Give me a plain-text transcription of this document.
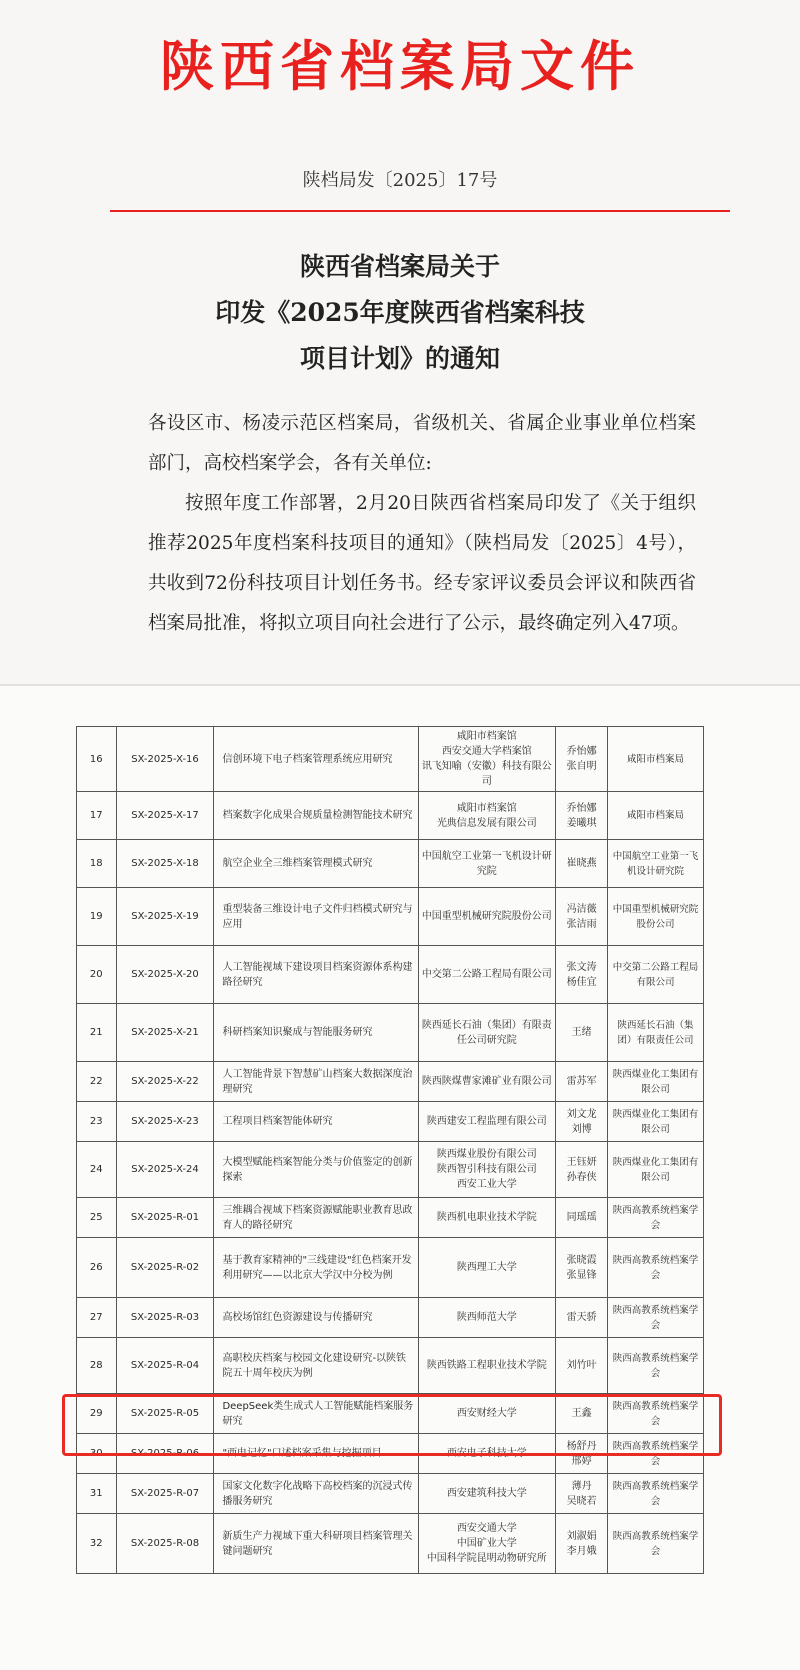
陕西省档案局文件
陕档局发〔2025〕17号
陕西省档案局关于
印发《2025年度陕西省档案科技
项目计划》的通知

各设区市、杨凌示范区档案局，省级机关、省属企业事业单位档案部门，高校档案学会，各有关单位:

按照年度工作部署，2月20日陕西省档案局印发了《关于组织推荐2025年度档案科技项目的通知》（陕档局发〔2025〕4号），共收到72份科技项目计划任务书。经专家评议委员会评议和陕西省档案局批准，将拟立项目向社会进行了公示，最终确定列入47项。

16	SX-2025-X-16	信创环境下电子档案管理系统应用研究	咸阳市档案馆
西安交通大学档案馆
讯飞知喻（安徽）科技有限公司	乔怡娜
张自明	咸阳市档案局
17	SX-2025-X-17	档案数字化成果合规质量检测智能技术研究	咸阳市档案馆
光典信息发展有限公司	乔怡娜
姜曦琪	咸阳市档案局
18	SX-2025-X-18	航空企业全三维档案管理模式研究	中国航空工业第一飞机设计研究院	崔晓燕	中国航空工业第一飞机设计研究院
19	SX-2025-X-19	重型装备三维设计电子文件归档模式研究与应用	中国重型机械研究院股份公司	冯洁薇
张洁雨	中国重型机械研究院股份公司
20	SX-2025-X-20	人工智能视域下建设项目档案资源体系构建路径研究	中交第二公路工程局有限公司	张文涛
杨佳宜	中交第二公路工程局有限公司
21	SX-2025-X-21	科研档案知识聚成与智能服务研究	陕西延长石油（集团）有限责任公司研究院	王绪	陕西延长石油（集团）有限责任公司
22	SX-2025-X-22	人工智能背景下智慧矿山档案大数据深度治理研究	陕西陕煤曹家滩矿业有限公司	雷苏军	陕西煤业化工集团有限公司
23	SX-2025-X-23	工程项目档案智能体研究	陕西建安工程监理有限公司	刘文龙
刘博	陕西煤业化工集团有限公司
24	SX-2025-X-24	大模型赋能档案智能分类与价值鉴定的创新探索	陕西煤业股份有限公司
陕西智引科技有限公司
西安工业大学	王钰妍
孙春侠	陕西煤业化工集团有限公司
25	SX-2025-R-01	三维耦合视域下档案资源赋能职业教育思政育人的路径研究	陕西机电职业技术学院	同瑶瑶	陕西高教系统档案学会
26	SX-2025-R-02	基于教育家精神的"三线建设"红色档案开发利用研究——以北京大学汉中分校为例	陕西理工大学	张晓霞
张显锋	陕西高教系统档案学会
27	SX-2025-R-03	高校场馆红色资源建设与传播研究	陕西师范大学	雷天骄	陕西高教系统档案学会
28	SX-2025-R-04	高职校庆档案与校园文化建设研究-以陕铁院五十周年校庆为例	陕西铁路工程职业技术学院	刘竹叶	陕西高教系统档案学会
29	SX-2025-R-05	DeepSeek类生成式人工智能赋能档案服务研究	西安财经大学	王鑫	陕西高教系统档案学会
30	SX-2025-R-06	"西电记忆"口述档案采集与挖掘项目	西安电子科技大学	杨舒丹
邢婷	陕西高教系统档案学会
31	SX-2025-R-07	国家文化数字化战略下高校档案的沉浸式传播服务研究	西安建筑科技大学	薄丹
吴晓若	陕西高教系统档案学会
32	SX-2025-R-08	新质生产力视域下重大科研项目档案管理关键问题研究	西安交通大学
中国矿业大学
中国科学院昆明动物研究所	刘淑娟
李月娥	陕西高教系统档案学会
